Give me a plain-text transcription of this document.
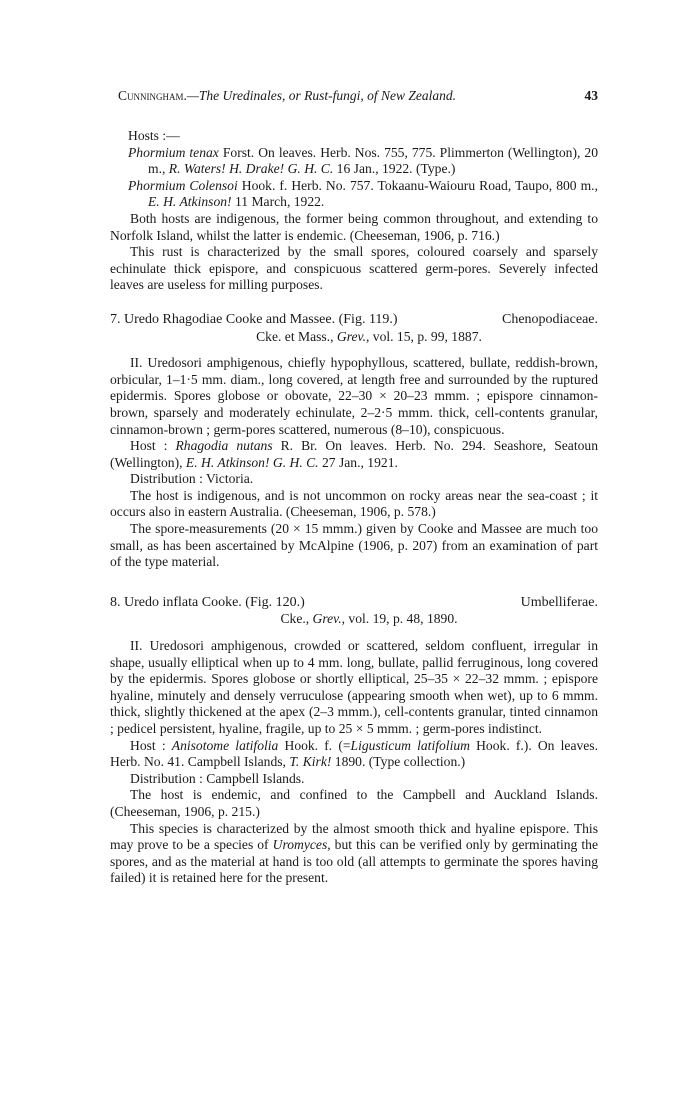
Cunningham.—The Uredinales, or Rust-fungi, of New Zealand.	43

Hosts :—

Phormium tenax Forst. On leaves. Herb. Nos. 755, 775. Plimmerton (Wellington), 20 m., R. Waters! H. Drake! G. H. C. 16 Jan., 1922. (Type.)

Phormium Colensoi Hook. f. Herb. No. 757. Tokaanu-Waiouru Road, Taupo, 800 m., E. H. Atkinson! 11 March, 1922.

Both hosts are indigenous, the former being common throughout, and extending to Norfolk Island, whilst the latter is endemic. (Cheeseman, 1906, p. 716.)

This rust is characterized by the small spores, coloured coarsely and sparsely echinulate thick epispore, and conspicuous scattered germ-pores. Severely infected leaves are useless for milling purposes.

7. Uredo Rhagodiae Cooke and Massee. (Fig. 119.)	Chenopodiaceae.

Cke. et Mass., Grev., vol. 15, p. 99, 1887.

II. Uredosori amphigenous, chiefly hypophyllous, scattered, bullate, reddish-brown, orbicular, 1–1·5 mm. diam., long covered, at length free and surrounded by the ruptured epidermis. Spores globose or obovate, 22–30 × 20–23 mmm. ; epispore cinnamon-brown, sparsely and moderately echinulate, 2–2·5 mmm. thick, cell-contents granular, cinnamon-brown ; germ-pores scattered, numerous (8–10), conspicuous.

Host : Rhagodia nutans R. Br. On leaves. Herb. No. 294. Seashore, Seatoun (Wellington), E. H. Atkinson! G. H. C. 27 Jan., 1921.

Distribution : Victoria.

The host is indigenous, and is not uncommon on rocky areas near the sea-coast ; it occurs also in eastern Australia. (Cheeseman, 1906, p. 578.)

The spore-measurements (20 × 15 mmm.) given by Cooke and Massee are much too small, as has been ascertained by McAlpine (1906, p. 207) from an examination of part of the type material.

8. Uredo inflata Cooke. (Fig. 120.)	Umbelliferae.

Cke., Grev., vol. 19, p. 48, 1890.

II. Uredosori amphigenous, crowded or scattered, seldom confluent, irregular in shape, usually elliptical when up to 4 mm. long, bullate, pallid ferruginous, long covered by the epidermis. Spores globose or shortly elliptical, 25–35 × 22–32 mmm. ; epispore hyaline, minutely and densely verruculose (appearing smooth when wet), up to 6 mmm. thick, slightly thickened at the apex (2–3 mmm.), cell-contents granular, tinted cinnamon ; pedicel persistent, hyaline, fragile, up to 25 × 5 mmm. ; germ-pores indistinct.

Host : Anisotome latifolia Hook. f. (=Ligusticum latifolium Hook. f.). On leaves. Herb. No. 41. Campbell Islands, T. Kirk! 1890. (Type collection.)

Distribution : Campbell Islands.

The host is endemic, and confined to the Campbell and Auckland Islands. (Cheeseman, 1906, p. 215.)

This species is characterized by the almost smooth thick and hyaline epispore. This may prove to be a species of Uromyces, but this can be verified only by germinating the spores, and as the material at hand is too old (all attempts to germinate the spores having failed) it is retained here for the present.
